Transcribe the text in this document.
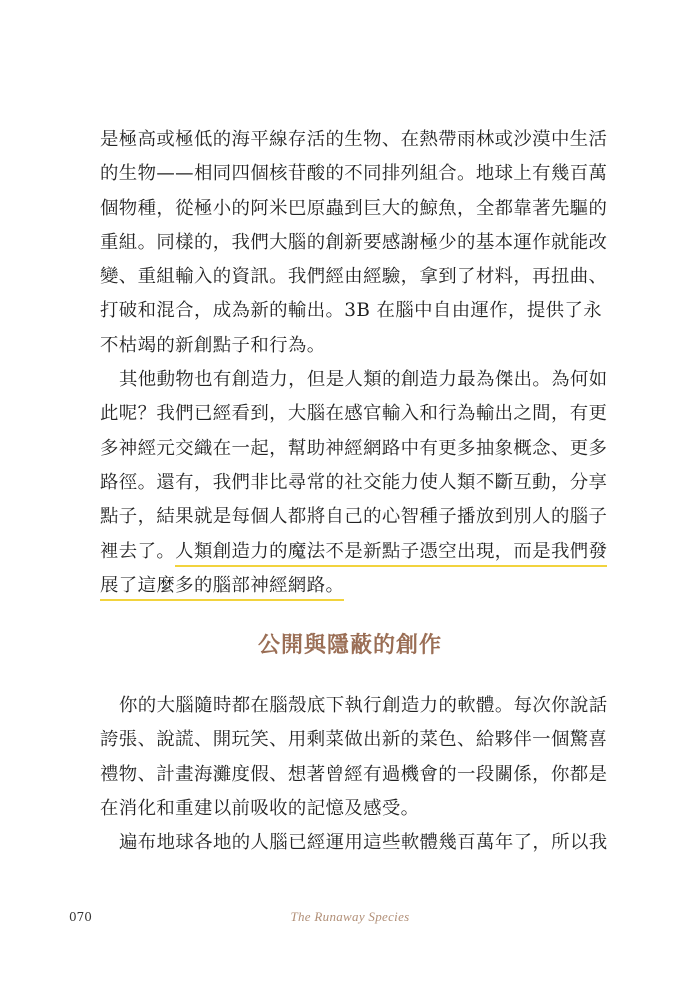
是極高或極低的海平線存活的生物、在熱帶雨林或沙漠中生活
的生物——相同四個核苷酸的不同排列組合。地球上有幾百萬
個物種，從極小的阿米巴原蟲到巨大的鯨魚，全都靠著先驅的
重組。同樣的，我們大腦的創新要感謝極少的基本運作就能改
變、重組輸入的資訊。我們經由經驗，拿到了材料，再扭曲、
打破和混合，成為新的輸出。3B 在腦中自由運作，提供了永
不枯竭的新創點子和行為。
其他動物也有創造力，但是人類的創造力最為傑出。為何如
此呢？我們已經看到，大腦在感官輸入和行為輸出之間，有更
多神經元交織在一起，幫助神經網路中有更多抽象概念、更多
路徑。還有，我們非比尋常的社交能力使人類不斷互動，分享
點子，結果就是每個人都將自己的心智種子播放到別人的腦子
裡去了。人類創造力的魔法不是新點子憑空出現，而是我們發
展了這麼多的腦部神經網路。
公開與隱蔽的創作
你的大腦隨時都在腦殼底下執行創造力的軟體。每次你說話
誇張、說謊、開玩笑、用剩菜做出新的菜色、給夥伴一個驚喜
禮物、計畫海灘度假、想著曾經有過機會的一段關係，你都是
在消化和重建以前吸收的記憶及感受。
遍布地球各地的人腦已經運用這些軟體幾百萬年了，所以我
070	The Runaway Species
